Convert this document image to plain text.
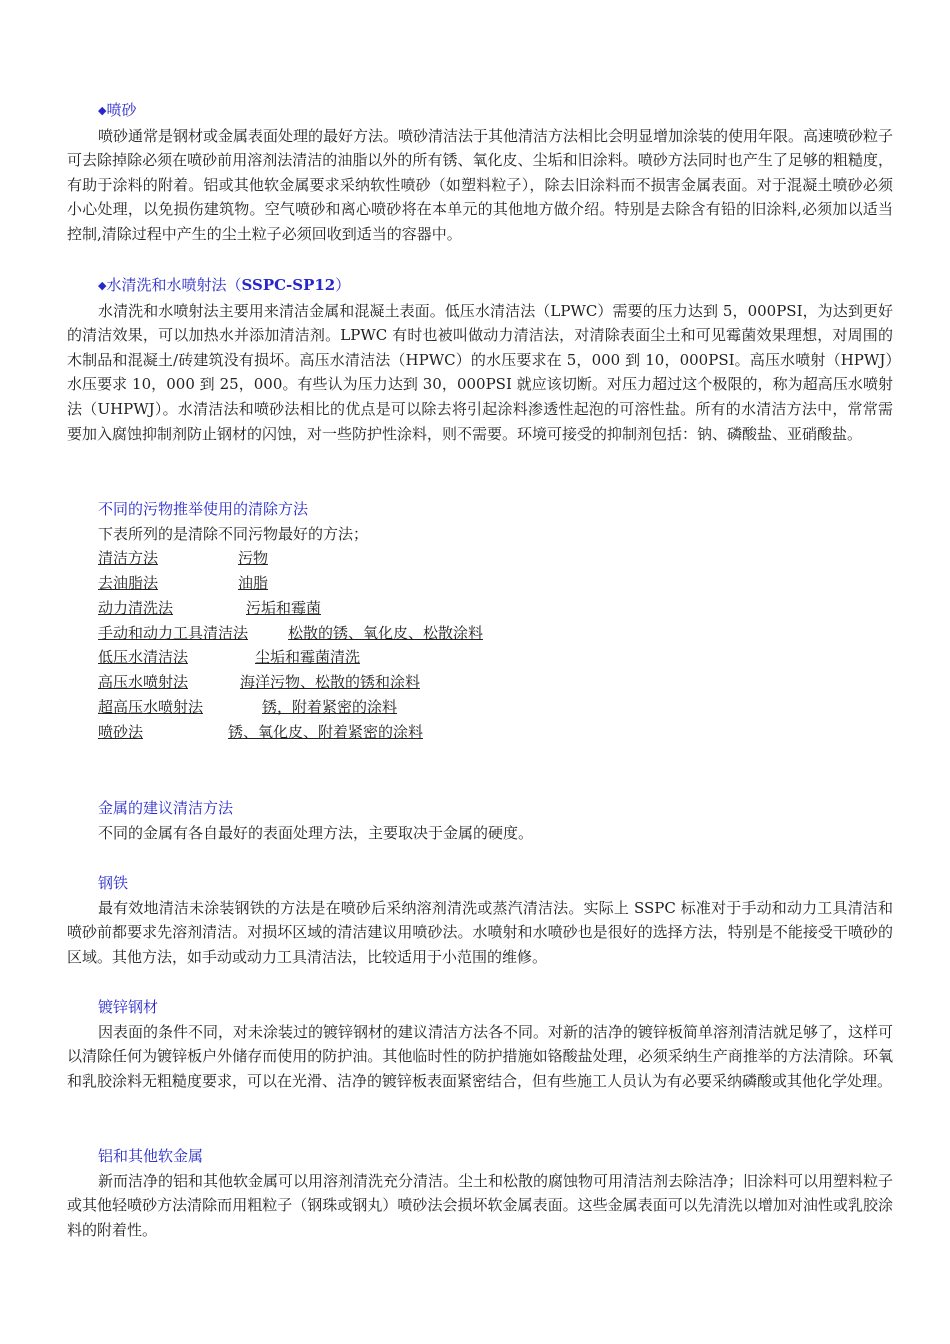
◆喷砂

喷砂通常是钢材或金属表面处理的最好方法。喷砂清洁法于其他清洁方法相比会明显增加涂装的使用年限。高速喷砂粒子可去除掉除必须在喷砂前用溶剂法清洁的油脂以外的所有锈、氧化皮、尘垢和旧涂料。喷砂方法同时也产生了足够的粗糙度，有助于涂料的附着。铝或其他软金属要求采纳软性喷砂（如塑料粒子），除去旧涂料而不损害金属表面。对于混凝土喷砂必须小心处理，以免损伤建筑物。空气喷砂和离心喷砂将在本单元的其他地方做介绍。特别是去除含有铅的旧涂料,必须加以适当控制,清除过程中产生的尘土粒子必须回收到适当的容器中。

◆水清洗和水喷射法（SSPC-SP12）

水清洗和水喷射法主要用来清洁金属和混凝土表面。低压水清洁法（LPWC）需要的压力达到 5，000PSI，为达到更好的清洁效果，可以加热水并添加清洁剂。LPWC 有时也被叫做动力清洁法，对清除表面尘土和可见霉菌效果理想，对周围的木制品和混凝土/砖建筑没有损坏。高压水清洁法（HPWC）的水压要求在 5，000 到 10，000PSI。高压水喷射（HPWJ）水压要求 10，000 到 25，000。有些认为压力达到 30，000PSI 就应该切断。对压力超过这个极限的，称为超高压水喷射法（UHPWJ）。水清洁法和喷砂法相比的优点是可以除去将引起涂料渗透性起泡的可溶性盐。所有的水清洁方法中，常常需要加入腐蚀抑制剂防止钢材的闪蚀，对一些防护性涂料，则不需要。环境可接受的抑制剂包括：钠、磷酸盐、亚硝酸盐。

不同的污物推举使用的清除方法

下表所列的是清除不同污物最好的方法；

清洁方法	污物
去油脂法	油脂
动力清洗法	污垢和霉菌
手动和动力工具清洁法	松散的锈、氧化皮、松散涂料
低压水清洁法	尘垢和霉菌清洗
高压水喷射法	海洋污物、松散的锈和涂料
超高压水喷射法	锈，附着紧密的涂料
喷砂法	锈、氧化皮、附着紧密的涂料

金属的建议清洁方法

不同的金属有各自最好的表面处理方法，主要取决于金属的硬度。

钢铁

最有效地清洁未涂装钢铁的方法是在喷砂后采纳溶剂清洗或蒸汽清洁法。实际上 SSPC 标准对于手动和动力工具清洁和喷砂前都要求先溶剂清洁。对损坏区域的清洁建议用喷砂法。水喷射和水喷砂也是很好的选择方法，特别是不能接受干喷砂的区域。其他方法，如手动或动力工具清洁法，比较适用于小范围的维修。

镀锌钢材

因表面的条件不同，对未涂装过的镀锌钢材的建议清洁方法各不同。对新的洁净的镀锌板简单溶剂清洁就足够了，这样可以清除任何为镀锌板户外储存而使用的防护油。其他临时性的防护措施如铬酸盐处理，必须采纳生产商推举的方法清除。环氧和乳胶涂料无粗糙度要求，可以在光滑、洁净的镀锌板表面紧密结合，但有些施工人员认为有必要采纳磷酸或其他化学处理。

铝和其他软金属

新而洁净的铝和其他软金属可以用溶剂清洗充分清洁。尘土和松散的腐蚀物可用清洁剂去除洁净；旧涂料可以用塑料粒子或其他轻喷砂方法清除而用粗粒子（钢珠或钢丸）喷砂法会损坏软金属表面。这些金属表面可以先清洗以增加对油性或乳胶涂料的附着性。
